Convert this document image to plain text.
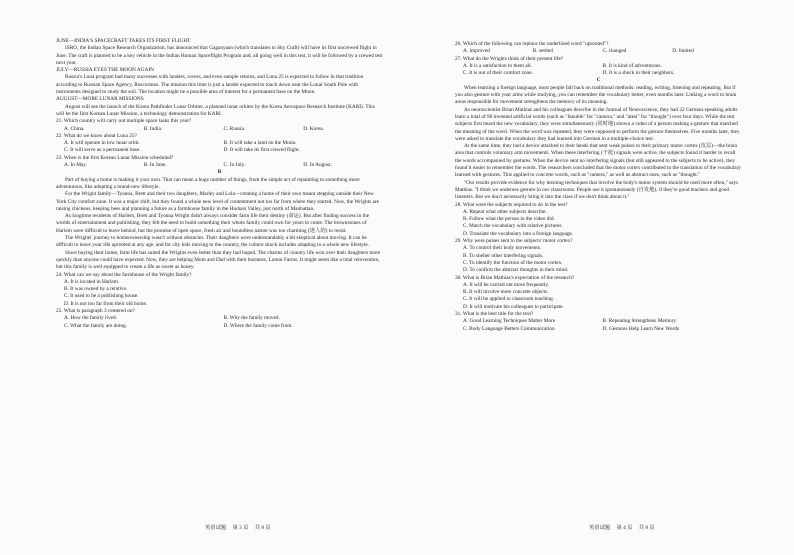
JUNE—INDIA'S SPACECRAFT TAKES ITS FIRST FLIGHT

ISRO, the Indian Space Research Organization, has announced that Gaganyaan (which translates to Sky Craft) will have its first uncrewed flight in June. The craft is planned to be a key vehicle in the Indian Human Spaceflight Program and, all going well in this test, it will be followed by a crewed test next year.

JULY—RUSSIA EYES THE MOON AGAIN

Russia's Luna program had many successes with landers, rovers, and even sample returns, and Luna 25 is expected to follow in that tradition according to Russian Space Agency, Roscosmos. The mission this time is just a lander expected to touch down near the Lunar South Pole with instruments designed to study the soil. The location might be a possible area of interest for a permanent base on the Moon.

AUGUST—MORE LUNAR MISSIONS

August will see the launch of the Korea Pathfinder Lunar Orbiter, a planned lunar orbiter by the Korea Aerospace Research Institute (KARI). This will be the first Korean Lunar Mission, a technology demonstration for KARI.

21. Which country will carry out multiple space tasks this year?

A. China.	B. India.	C. Russia.	D. Korea.

22. What do we know about Luna 25?

A. It will operate in low lunar orbit.	B. It will take a land on the Moon.
C. It will serve as a permanent base.	D. It will take its first crewed flight.

23. When is the first Korean Lunar Mission scheduled?

A. In May.	B. In June.	C. In July.	D. In August.

B

Part of buying a home is making it your own. That can mean a huge number of things, from the simple act of repainting to something more adventurous, like adopting a brand-new lifestyle.

For the Wright family—Tyonna, Brett and their two daughters, Marley and Lola—creating a home of their own meant stepping outside their New York City comfort zone. It was a major shift, but they found a whole new level of contentment not too far from where they started. Now, the Wrights are raising chickens, keeping bees and planning a future as a farmhouse family in the Hudson Valley, just north of Manhattan.

As longtime residents of Harlem, Brett and Tyonna Wright didn't always consider farm life their destiny (命运). But after finding success in the worlds of entertainment and publishing, they felt the need to build something their whole family could own for years to come. The brownstones of Harlem were difficult to leave behind, but the promise of open space, fresh air and boundless nature was too charming (迷人的) to resist.

The Wrights' journey to homeownership wasn't without obstacles. Their daughters were understandably a bit skeptical about moving. It can be difficult to leave your life uprooted at any age, and for city kids moving to the country, the culture shock includes adapting to a whole new lifestyle.

Since buying their home, farm life has suited the Wrights even better than they had hoped. The charms of country life won over their daughters more quickly than anyone could have expected. Now, they are helping Mom and Dad with their business, Lomar Farms. It might seem like a total reinvention, but this family is well equipped to create a life as sweet as honey.

24. What can we say about the farmhouse of the Wright family?

A. It is located in Harlem.
B. It was owned by a relative.
C. It used to be a publishing house.
D. It is not too far from their old home.

25. What is paragraph 3 centered on?

A. How the family lived.	B. Why the family moved.
C. What the family are doing.	D. Where the family come from.
英语试题 第 3 页 共 8 页

26. Which of the following can replace the underlined word "uprooted"?

A. improved	B. settled	C. changed	D. limited

27. What do the Wrights think of their present life?

A. It is a satisfaction to them all.	B. It is kind of adventurous.
C. It is out of their comfort zone.	D. It is a shock to their neighbors.

C

When learning a foreign language, most people fall back on traditional methods: reading, writing, listening and repeating. But if you also gesture with your arms while studying, you can remember the vocabulary better, even months later. Linking a word to brain areas responsible for movement strengthens the memory of its meaning.

As neuroscientist Brian Mathias and his colleagues describe in the Journal of Neuroscience, they had 22 German-speaking adults learn a total of 90 invented artificial words (such as "fanuble" for "camera," and "atesi" for "thought") over four days. While the test subjects first heard the new vocabulary, they were simultaneously (同时地) shown a video of a person making a gesture that matched the meaning of the word. When the word was repeated, they were supposed to perform the gesture themselves. Five months later, they were asked to translate the vocabulary they had learned into German in a multiple-choice test.

At the same time, they had a device attached to their heads that sent weak pulses to their primary motor cortex (皮层)—the brain area that controls voluntary arm movements. When these interfering (干扰) signals were active, the subjects found it harder to recall the words accompanied by gestures. When the device sent no interfering signals (but still appeared to the subjects to be active), they found it easier to remember the words. The researchers concluded that the motor cortex contributed to the translation of the vocabulary learned with gestures. This applied to concrete words, such as "camera," as well as abstract ones, such as "thought."

"Our results provide evidence for why learning techniques that involve the body's motor system should be used more often," says Mathias. "I think we underuse gesture in our classrooms. People use it spontaneously (自发地), if they're good teachers and good listeners. But we don't necessarily bring it into the class if we don't think about it."

28. What were the subjects required to do in the test?

A. Repeat what other subjects describe.
B. Follow what the person in the video did.
C. Match the vocabulary with relative pictures.
D. Translate the vocabulary into a foreign language.

29. Why were pulses sent to the subjects' motor cortex?

A. To control their body movements.
B. To shelter other interfering signals.
C. To identify the function of the motor cortex.
D. To confirm the abstract thoughts in their mind.

30. What is Brian Mathias's expectation of the research?

A. It will be carried out more frequently.
B. It will involve more concrete objects.
C. It will be applied to classroom teaching.
D. It will motivate his colleagues to participate.

31. What is the best title for the text?

A. Good Learning Techniques Matter More	B. Repeating Strengthens Memory
C. Body Language Betters Communication	D. Gestures Help Learn New Words
英语试题 第 4 页 共 8 页
